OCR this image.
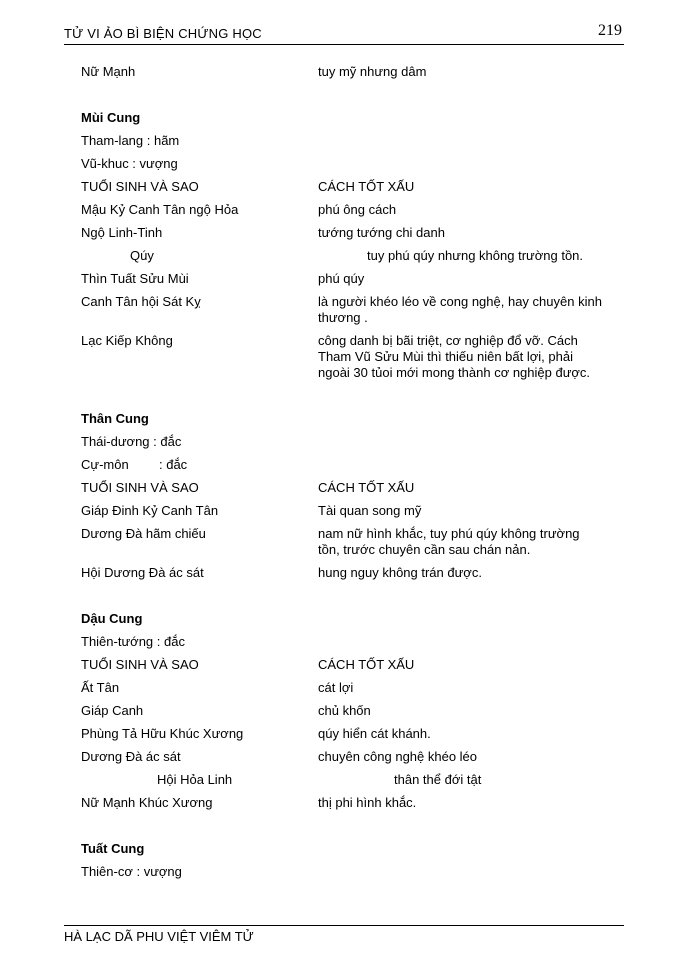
TỬ VI ẢO BÌ BIỆN CHỨNG HỌC	219
Nữ Mạnh	tuy mỹ nhưng dâm
Mùi Cung
Tham-lang : hãm
Vũ-khuc : vượng
TUỔI SINH VÀ SAO	CÁCH TỐT XẤU
Mậu Kỷ Canh Tân ngộ Hỏa	phú ông cách
Ngộ Linh-Tinh	tướng tướng chi danh
Qúy	tuy phú qúy nhưng không trường tồn.
Thìn Tuất Sửu Mùi	phú qúy
Canh Tân hội Sát Kỵ	là người khéo léo về cong nghệ, hay chuyên kinh thương .
Lạc Kiếp Không	công danh bị bãi triệt, cơ nghiệp đổ vỡ. Cách Tham Vũ Sửu Mùi thì thiếu niên bất lợi, phải ngoài 30 tủoi mới mong thành cơ nghiệp được.
Thân Cung
Thái-dương : đắc
Cự-môn	: đắc
TUỔI SINH VÀ SAO	CÁCH TỐT XẤU
Giáp Đinh Kỷ Canh Tân	Tài quan song mỹ
Dương Đà hãm chiếu	nam nữ hình khắc, tuy phú qúy không trường tồn, trước chuyên cần sau chán nản.
Hội Dương Đà ác sát	hung nguy không trán được.
Dậu Cung
Thiên-tướng : đắc
TUỔI SINH VÀ SAO	CÁCH TỐT XẤU
Ất Tân	cát lợi
Giáp Canh	chủ khốn
Phùng Tả Hữu Khúc Xương	qúy hiển cát khánh.
Dương Đà ác sát	chuyên công nghệ khéo léo
Hội Hỏa Linh	thân thể đới tật
Nữ Mạnh Khúc Xương	thị phi hình khắc.
Tuất Cung
Thiên-cơ : vượng
HÀ LẠC DÃ PHU VIỆT VIÊM TỬ
